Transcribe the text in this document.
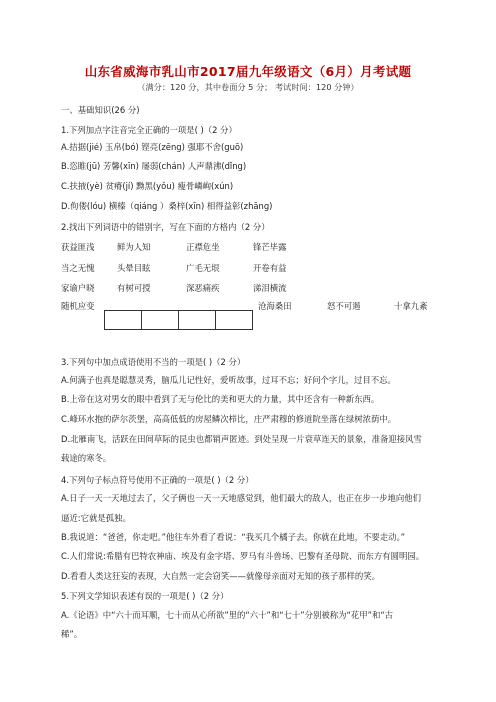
山东省威海市乳山市2017届九年级语文（6月）月考试题
（满分：120 分，其中卷面分 5 分； 考试时间：120 分钟）
一、基础知识(26 分)
1.下列加点字注音完全正确的一项是( )（2 分）
A.拮据(jié) 玉帛(bó) 铿亮(zēng) 强耶不舍(guō)
B.恣睢(jū) 芳馨(xīn) 屡弱(chán) 人声鼎沸(dǐng)
C.扶掖(yè) 贫瘠(jí) 黝黑(yǒu) 瘦骨嶙峋(xún)
D.佝偻(lóu) 横榛（qiáng ）桑梓(xīn) 相得益彰(zhāng)
2.找出下列词语中的错别字，写在下面的方格内（2 分）
获益匪浅	鲜为人知	正襟危坐	锋芒毕露
当之无愧	头晕目眩	广毛无垠	开卷有益
家谕户晓	有树可授	深恶痛疾	涕泪横流
随机应变	沧海桑田	怒不可遏	十拿九紊
3.下列句中加点成语使用不当的一项是( )（2 分）
A.何满子也真是聪慧灵秀，脑瓜儿记性好，爱听故事，过耳不忘；好问个字儿，过目不忘。
B.上帝在这对男女的眼中看到了无与伦比的美和更大的力量，其中还含有一种新东西。
C.峰环水抱的萨尔茨堡，高高低低的房屋鳞次栉比，庄严肃穆的修道院坐落在绿树浓荫中。
D.北雁南飞，活跃在田间草际的昆虫也都销声匿迹。到处呈现一片衰草连天的景象，准备迎接风雪
载途的寒冬。
4.下列句子标点符号使用不正确的一项是( )（2 分）
A.日子一天一天地过去了，父子俩也一天一天地感觉到，他们最大的敌人，也正在步一步地向他们
逼近:它就是孤独。
B.我说道：“爸爸，你走吧。”他往车外看了看说：“我买几个橘子去。你就在此地，不要走动。”
C.人们常说:希腊有巴特农神庙、埃及有金字塔、罗马有斗兽场、巴黎有圣母院、而东方有圆明园。
D.看看人类这狂妄的表现，大自然一定会窃笑——就像母亲面对无知的孩子那样的笑。
5.下列文学知识表述有误的一项是( )（2 分）
A.《论语》中“六十而耳顺，七十而从心所欲”里的“六十”和“七十”分别被称为“花甲”和“古
稀”。
